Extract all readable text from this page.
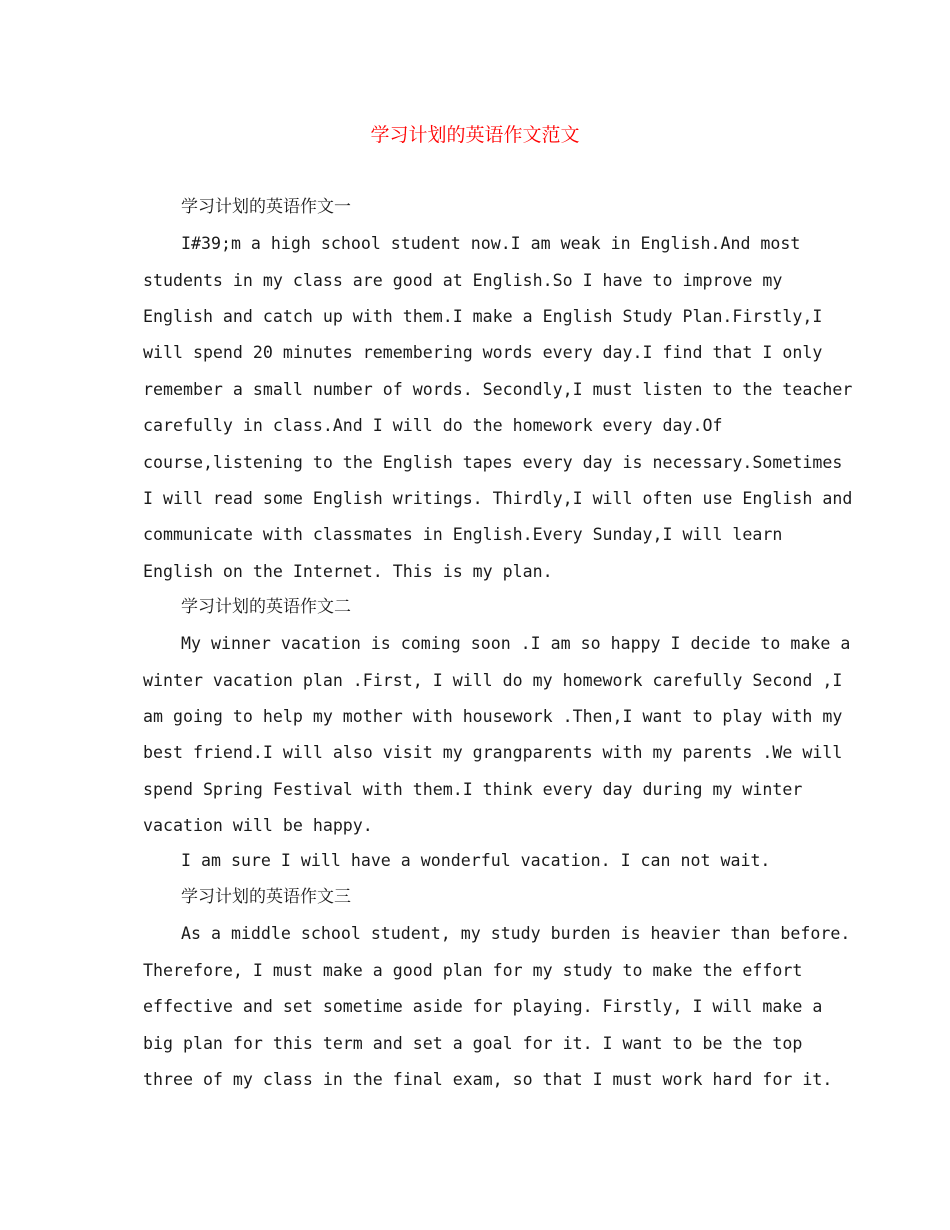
学习计划的英语作文范文
学习计划的英语作文一
I#39;m a high school student now.I am weak in English.And most
students in my class are good at English.So I have to improve my
English and catch up with them.I make a English Study Plan.Firstly,I
will spend 20 minutes remembering words every day.I find that I only
remember a small number of words. Secondly,I must listen to the teacher
carefully in class.And I will do the homework every day.Of
course,listening to the English tapes every day is necessary.Sometimes
I will read some English writings. Thirdly,I will often use English and
communicate with classmates in English.Every Sunday,I will learn
English on the Internet. This is my plan.
学习计划的英语作文二
My winner vacation is coming soon .I am so happy I decide to make a
winter vacation plan .First, I will do my homework carefully Second ,I
am going to help my mother with housework .Then,I want to play with my
best friend.I will also visit my grangparents with my parents .We will
spend Spring Festival with them.I think every day during my winter
vacation will be happy.
I am sure I will have a wonderful vacation. I can not wait.
学习计划的英语作文三
As a middle school student, my study burden is heavier than before.
Therefore, I must make a good plan for my study to make the effort
effective and set sometime aside for playing. Firstly, I will make a
big plan for this term and set a goal for it. I want to be the top
three of my class in the final exam, so that I must work hard for it.
